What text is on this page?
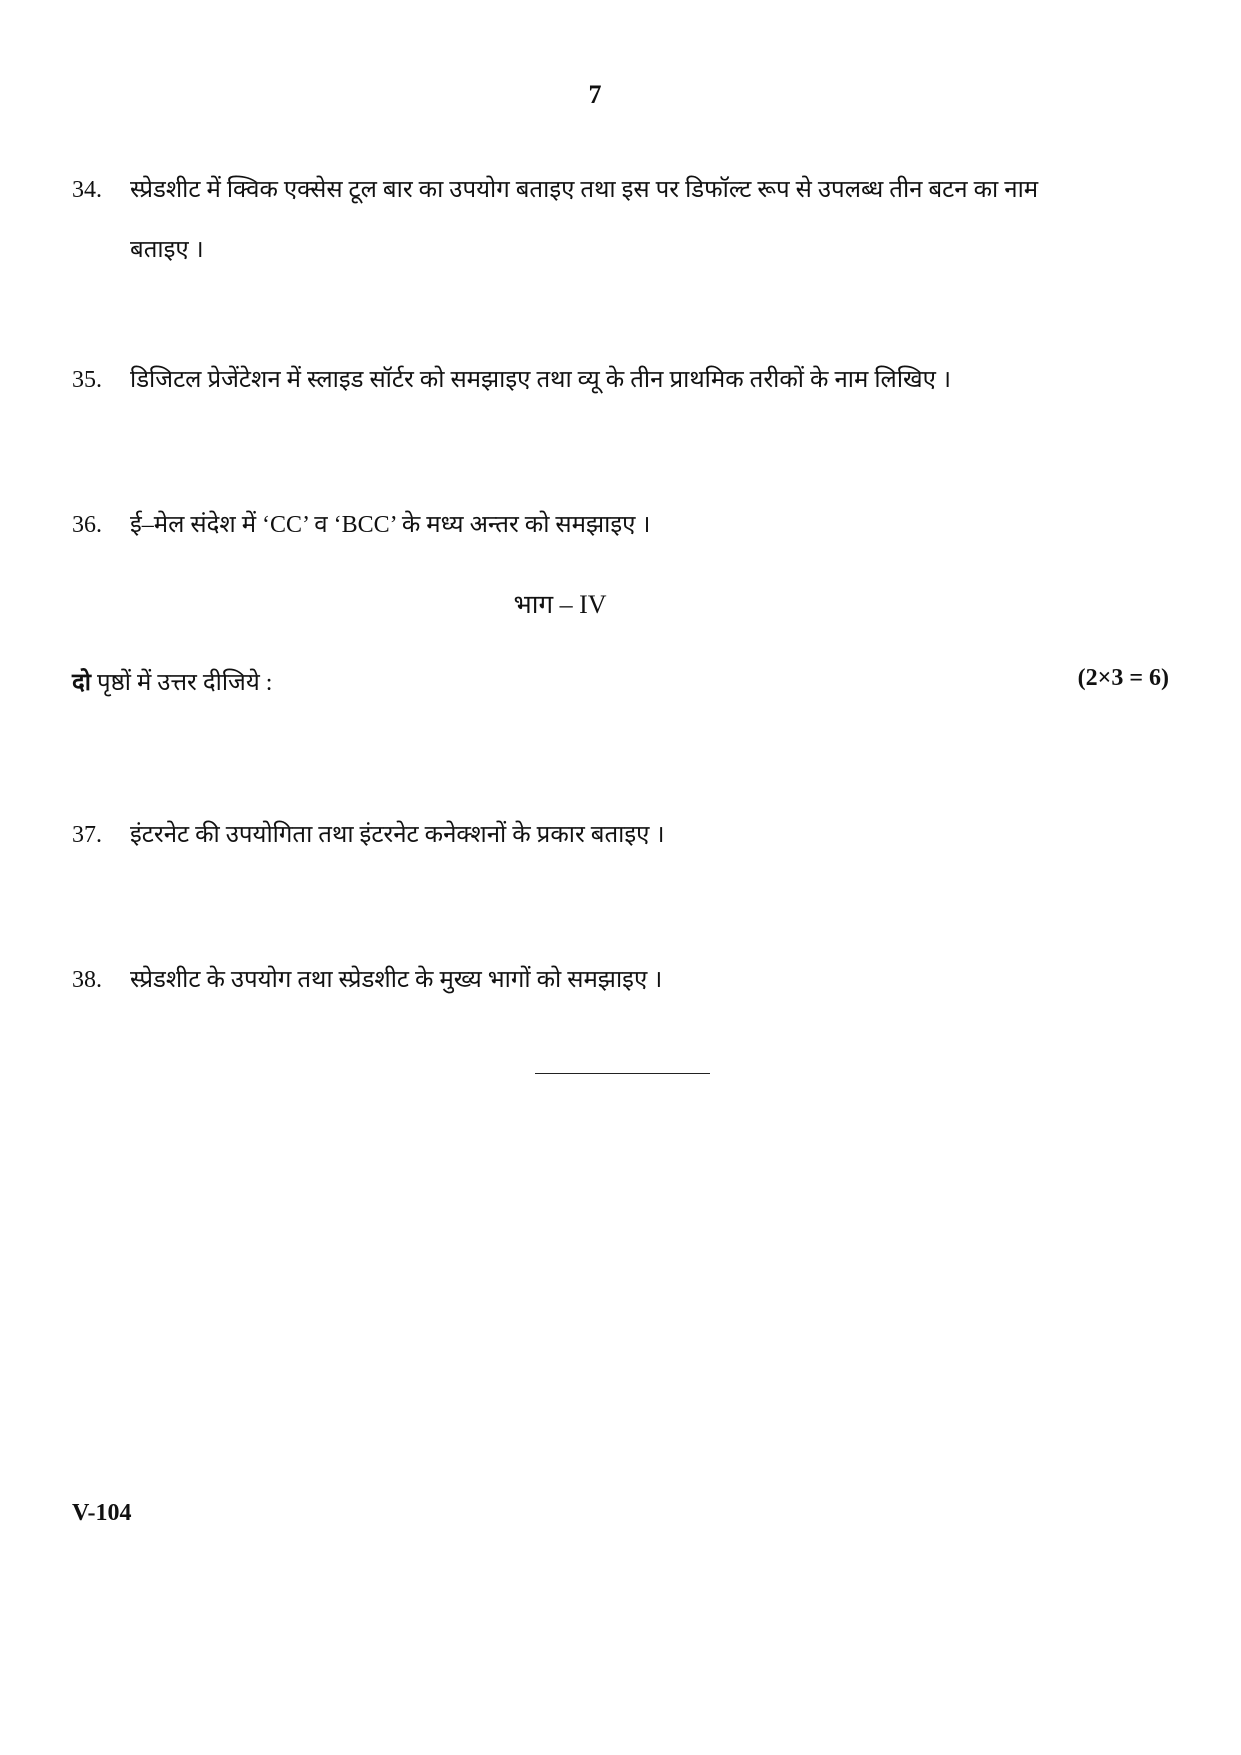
7
34. स्प्रेडशीट में क्विक एक्सेस टूल बार का उपयोग बताइए तथा इस पर डिफॉल्ट रूप से उपलब्ध तीन बटन का नाम बताइए ।
35. डिजिटल प्रेजेंटेशन में स्लाइड सॉर्टर को समझाइए तथा व्यू के तीन प्राथमिक तरीकों के नाम लिखिए ।
36. ई–मेल संदेश में ‘CC’ व ‘BCC’ के मध्य अन्तर को समझाइए ।
भाग – IV
दो पृष्ठों में उत्तर दीजिये :	(2×3 = 6)
37. इंटरनेट की उपयोगिता तथा इंटरनेट कनेक्शनों के प्रकार बताइए ।
38. स्प्रेडशीट के उपयोग तथा स्प्रेडशीट के मुख्य भागों को समझाइए ।
V-104
